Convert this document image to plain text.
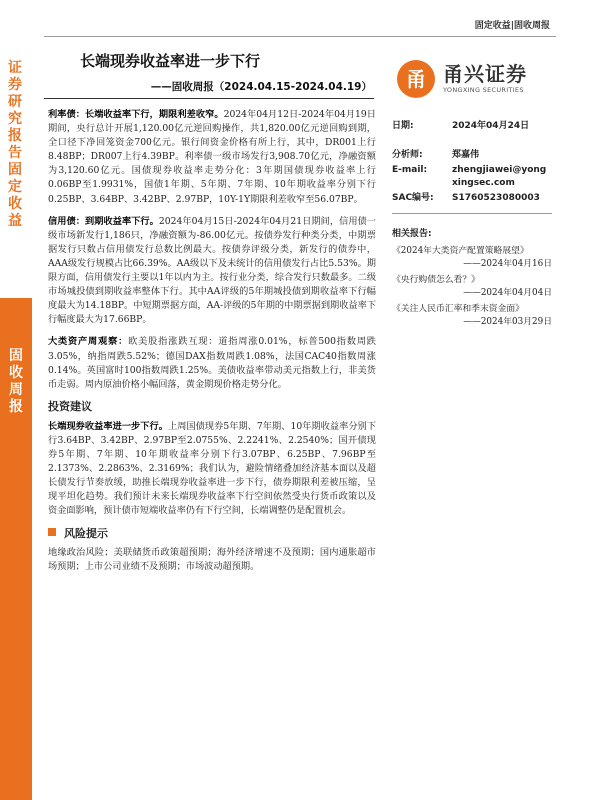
证券研究报告固定收益
固收周报
固定收益|固收周报
长端现券收益率进一步下行
——固收周报（2024.04.15-2024.04.19）	甬 甬兴证券
YONGXING SECURITIES

利率债：长端收益率下行，期限利差收窄。2024年04月12日-2024年04月19日期间，央行总计开展1,120.00亿元逆回购操作，共1,820.00亿元逆回购到期，全口径下净回笼资金700亿元。银行间资金价格有所上行，其中，DR001上行8.48BP；DR007上行4.39BP。利率债一级市场发行3,908.70亿元，净融资额为3,120.60亿元。国债现券收益率走势分化：3年期国债现券收益率上行0.06BP至1.9931%，国债1年期、5年期、7年期、10年期收益率分别下行0.25BP、3.64BP、3.42BP、2.97BP，10Y-1Y期限利差收窄至56.07BP。

信用债：到期收益率下行。2024年04月15日-2024年04月21日期间，信用债一级市场新发行1,186只，净融资额为-86.00亿元。按债券发行种类分类，中期票据发行只数占信用债发行总数比例最大。按债券评级分类，新发行的债券中，AAA级发行规模占比66.39%。AA级以下及未统计的信用债发行占比5.53%。期限方面，信用债发行主要以1年以内为主。按行业分类，综合发行只数最多。二级市场城投债到期收益率整体下行。其中AA评级的5年期城投债到期收益率下行幅度最大为14.18BP。中短期票据方面，AA-评级的5年期的中期票据到期收益率下行幅度最大为17.66BP。

大类资产周观察：欧美股指涨跌互现：道指周涨0.01%，标普500指数周跌3.05%，纳指周跌5.52%；德国DAX指数周跌1.08%，法国CAC40指数周涨0.14%。英国富时100指数周跌1.25%。美债收益率带动美元指数上行，非美货币走弱。周内原油价格小幅回落，黄金期现价格走势分化。

投资建议

长端现券收益率进一步下行。上周国债现券5年期、7年期、10年期收益率分别下行3.64BP、3.42BP、2.97BP至2.0755%、2.2241%、2.2540%；国开债现券5年期、7年期、10年期收益率分别下行3.07BP、6.25BP、7.96BP至2.1373%、2.2863%、2.3169%；我们认为，避险情绪叠加经济基本面以及超长债发行节奏放缓，助推长端现券收益率进一步下行，债券期限利差被压缩，呈现平坦化趋势。我们预计未来长端现券收益率下行空间依然受央行货币政策以及资金面影响，预计债市短端收益率仍有下行空间，长端调整仍是配置机会。

风险提示

地缘政治风险；美联储货币政策超预期；海外经济增速不及预期；国内通胀超市场预期；上市公司业绩不及预期；市场波动超预期。

日期:	2024年04月24日
分析师:	郑嘉伟
E-mail:	zhengjiawei@yongxingsec.com
SAC编号:	S1760523080003
相关报告:
《2024年大类资产配置策略展望》
——2024年04月16日
《央行购债怎么看？》
——2024年04月04日
《关注人民币汇率和季末资金面》
——2024年03月29日
